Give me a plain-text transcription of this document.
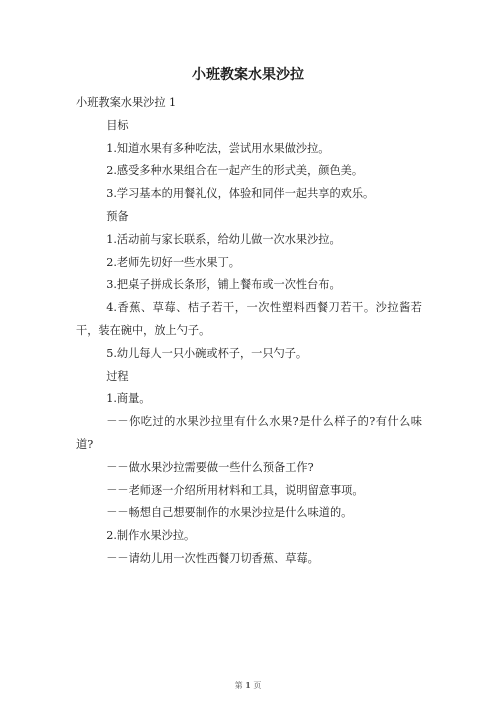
小班教案水果沙拉

小班教案水果沙拉 1

目标

1.知道水果有多种吃法，尝试用水果做沙拉。

2.感受多种水果组合在一起产生的形式美，颜色美。

3.学习基本的用餐礼仪，体验和同伴一起共享的欢乐。

预备

1.活动前与家长联系，给幼儿做一次水果沙拉。

2.老师先切好一些水果丁。

3.把桌子拼成长条形，铺上餐布或一次性台布。

4.香蕉、草莓、桔子若干，一次性塑料西餐刀若干。沙拉酱若干，装在碗中，放上勺子。

5.幼儿每人一只小碗或杯子，一只勺子。

过程

1.商量。

－－你吃过的水果沙拉里有什么水果?是什么样子的?有什么味道?

－－做水果沙拉需要做一些什么预备工作?

－－老师逐一介绍所用材料和工具，说明留意事项。

－－畅想自己想要制作的水果沙拉是什么味道的。

2.制作水果沙拉。

－－请幼儿用一次性西餐刀切香蕉、草莓。

第 1 页
